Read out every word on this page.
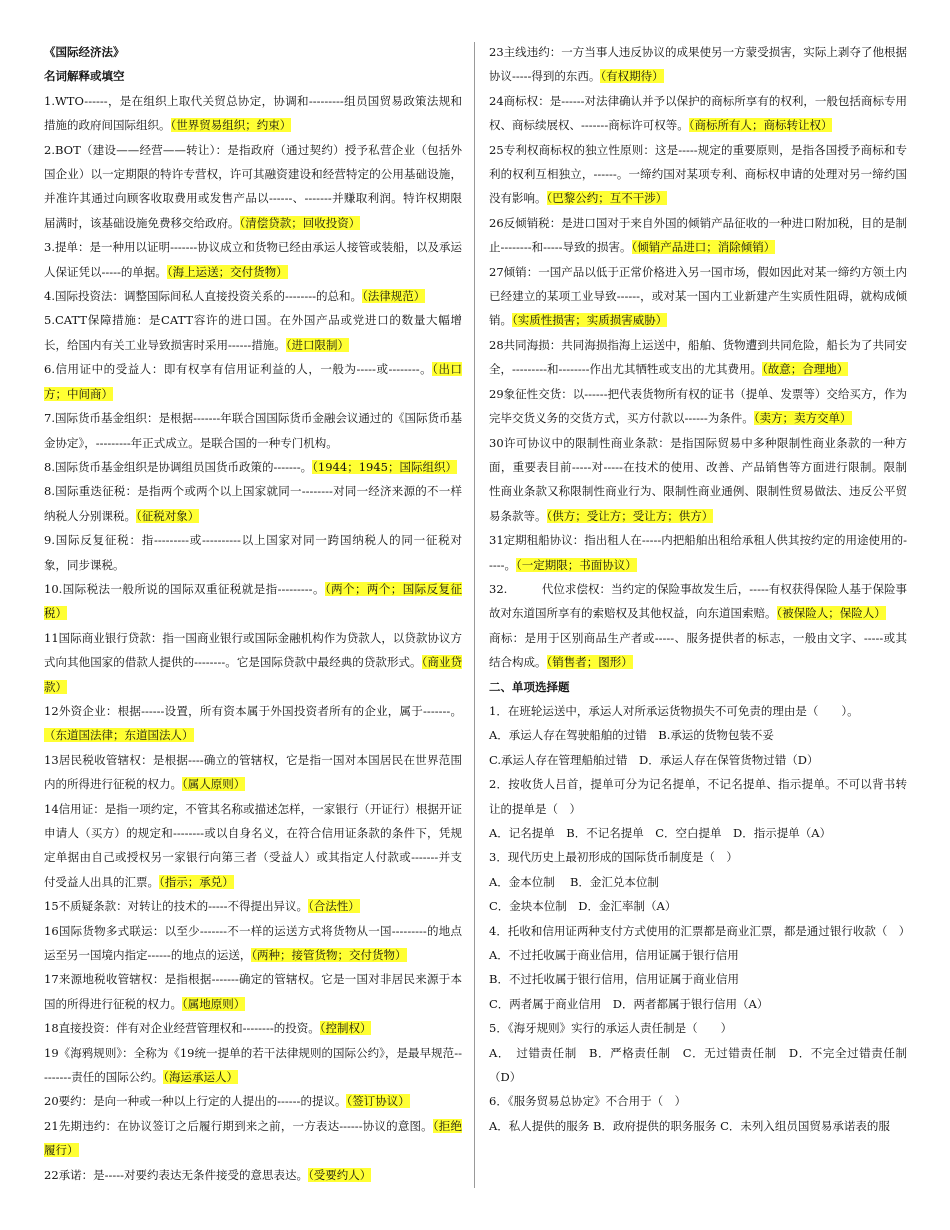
《国际经济法》
名词解释或填空

1.WTO------，是在组织上取代关贸总协定，协调和---------组员国贸易政策法规和措施的政府间国际组织。（世界贸易组织；约束）

2.BOT（建设——经营——转让）：是指政府（通过契约）授予私营企业（包括外国企业）以一定期限的特许专营权，许可其融资建设和经营特定的公用基础设施，并准许其通过向顾客收取费用或发售产品以------、-------并赚取利润。特许权期限届满时，该基础设施免费移交给政府。（清偿贷款；回收投资）

3.提单：是一种用以证明-------协议成立和货物已经由承运人接管或装船，以及承运人保证凭以-----的单据。（海上运送；交付货物）

4.国际投资法：调整国际间私人直接投资关系的--------的总和。（法律规范）

5.CATT保障措施：是CATT容许的进口国。在外国产品或党进口的数量大幅增长，给国内有关工业导致损害时采用------措施。（进口限制）

6.信用证中的受益人：即有权享有信用证利益的人，一般为-----或--------。（出口方；中间商）

7.国际货币基金组织：是根据-------年联合国国际货币金融会议通过的《国际货币基金协定》，---------年正式成立。是联合国的一种专门机构。

8.国际货币基金组织是协调组员国货币政策的-------。（1944；1945；国际组织）

8.国际重迭征税：是指两个或两个以上国家就同一--------对同一经济来源的不一样纳税人分别课税。（征税对象）

9.国际反复征税：指---------或----------以上国家对同一跨国纳税人的同一征税对象，同步课税。

10.国际税法一般所说的国际双重征税就是指---------。（两个；两个；国际反复征税）

11国际商业银行贷款：指一国商业银行或国际金融机构作为贷款人，以贷款协议方式向其他国家的借款人提供的--------。它是国际贷款中最经典的贷款形式。（商业贷款）

12外资企业：根据------设置，所有资本属于外国投资者所有的企业，属于-------。（东道国法律；东道国法人）

13居民税收管辖权：是根据----确立的管辖权，它是指一国对本国居民在世界范围内的所得进行征税的权力。（属人原则）

14信用证：是指一项约定，不管其名称或描述怎样，一家银行（开证行）根据开证申请人（买方）的规定和--------或以自身名义，在符合信用证条款的条件下，凭规定单据由自己或授权另一家银行向第三者（受益人）或其指定人付款或-------并支付受益人出具的汇票。（指示；承兑）

15不质疑条款：对转让的技术的-----不得提出异议。（合法性）

16国际货物多式联运：以至少-------不一样的运送方式将货物从一国---------的地点运至另一国境内指定------的地点的运送，（两种；接管货物；交付货物）

17来源地税收管辖权：是指根据-------确定的管辖权。它是一国对非居民来源于本国的所得进行征税的权力。（属地原则）

18直接投资：伴有对企业经营管理权和--------的投资。（控制权）

19《海鸦规则》：全称为《19统一提单的若干法律规则的国际公约》，是最早规范---------责任的国际公约。（海运承运人）

20要约：是向一种或一种以上行定的人提出的------的提议。（签订协议）

21先期违约：在协议签订之后履行期到来之前，一方表达------协议的意图。（拒绝履行）

22承诺：是-----对要约表达无条件接受的意思表达。（受要约人）

23主线违约：一方当事人违反协议的成果使另一方蒙受损害，实际上剥夺了他根据协议-----得到的东西。（有权期待）

24商标权：是------对法律确认并予以保护的商标所享有的权利，一般包括商标专用权、商标续展权、-------商标许可权等。（商标所有人；商标转让权）

25专利权商标权的独立性原则：这是-----规定的重要原则，是指各国授予商标和专利的权利互相独立，------。一缔约国对某项专利、商标权申请的处理对另一缔约国没有影响。（巴黎公约；互不干涉）

26反倾销税：是进口国对于来自外国的倾销产品征收的一种进口附加税，目的是制止--------和-----导致的损害。（倾销产品进口；消除倾销）

27倾销：一国产品以低于正常价格进入另一国市场，假如因此对某一缔约方领土内已经建立的某项工业导致------，或对某一国内工业新建产生实质性阻碍，就构成倾销。（实质性损害；实质损害威胁）

28共同海损：共同海损指海上运送中，船舶、货物遭到共同危险，船长为了共同安全，---------和--------作出尤其牺牲或支出的尤其费用。（故意；合理地）

29象征性交货：以------把代表货物所有权的证书（提单、发票等）交给买方，作为完毕交货义务的交货方式，买方付款以------为条件。（卖方；卖方交单）

30许可协议中的限制性商业条款：是指国际贸易中多种限制性商业条款的一种方面，重要表目前-----对-----在技术的使用、改善、产品销售等方面进行限制。限制性商业条款又称限制性商业行为、限制性商业通例、限制性贸易做法、违反公平贸易条款等。（供方；受让方；受让方；供方）

31定期租船协议：指出租人在-----内把船舶出租给承租人供其按约定的用途使用的-----。（一定期限；书面协议）

32.　　　代位求偿权：当约定的保险事故发生后，-----有权获得保险人基于保险事故对东道国所享有的索赔权及其他权益，向东道国索赔。（被保险人；保险人）

商标：是用于区别商品生产者或-----、服务提供者的标志，一般由文字、-----或其结合构成。（销售者；图形）

二、单项选择题

1．在班轮运送中，承运人对所承运货物损失不可免责的理由是（　　）。

A．承运人存在驾驶船舶的过错　B.承运的货物包装不妥

C.承运人存在管理船舶过错　D．承运人存在保管货物过错（D）

2．按收货人吕首，提单可分为记名提单，不记名提单、指示提单。不可以背书转让的提单是（　）

A．记名提单　B．不记名提单　C．空白提单　D．指示提单（A）

3．现代历史上最初形成的国际货币制度是（　）

A．金本位制　 B．金汇兑本位制

C．金块本位制　D．金汇率制（A）

4．托收和信用证两种支付方式使用的汇票都是商业汇票，都是通过银行收款（　）

A．不过托收属于商业信用，信用证属于银行信用

B．不过托收属于银行信用，信用证属于商业信用

C．两者属于商业信用　D．两者都属于银行信用（A）

5．《海牙规则》实行的承运人责任制是（　　）

A．　过错责任制　B．严格责任制　C．无过错责任制　D．不完全过错责任制（D）

6．《服务贸易总协定》不合用于（　）

A．私人提供的服务 B．政府提供的职务服务 C．未列入组员国贸易承诺表的服
